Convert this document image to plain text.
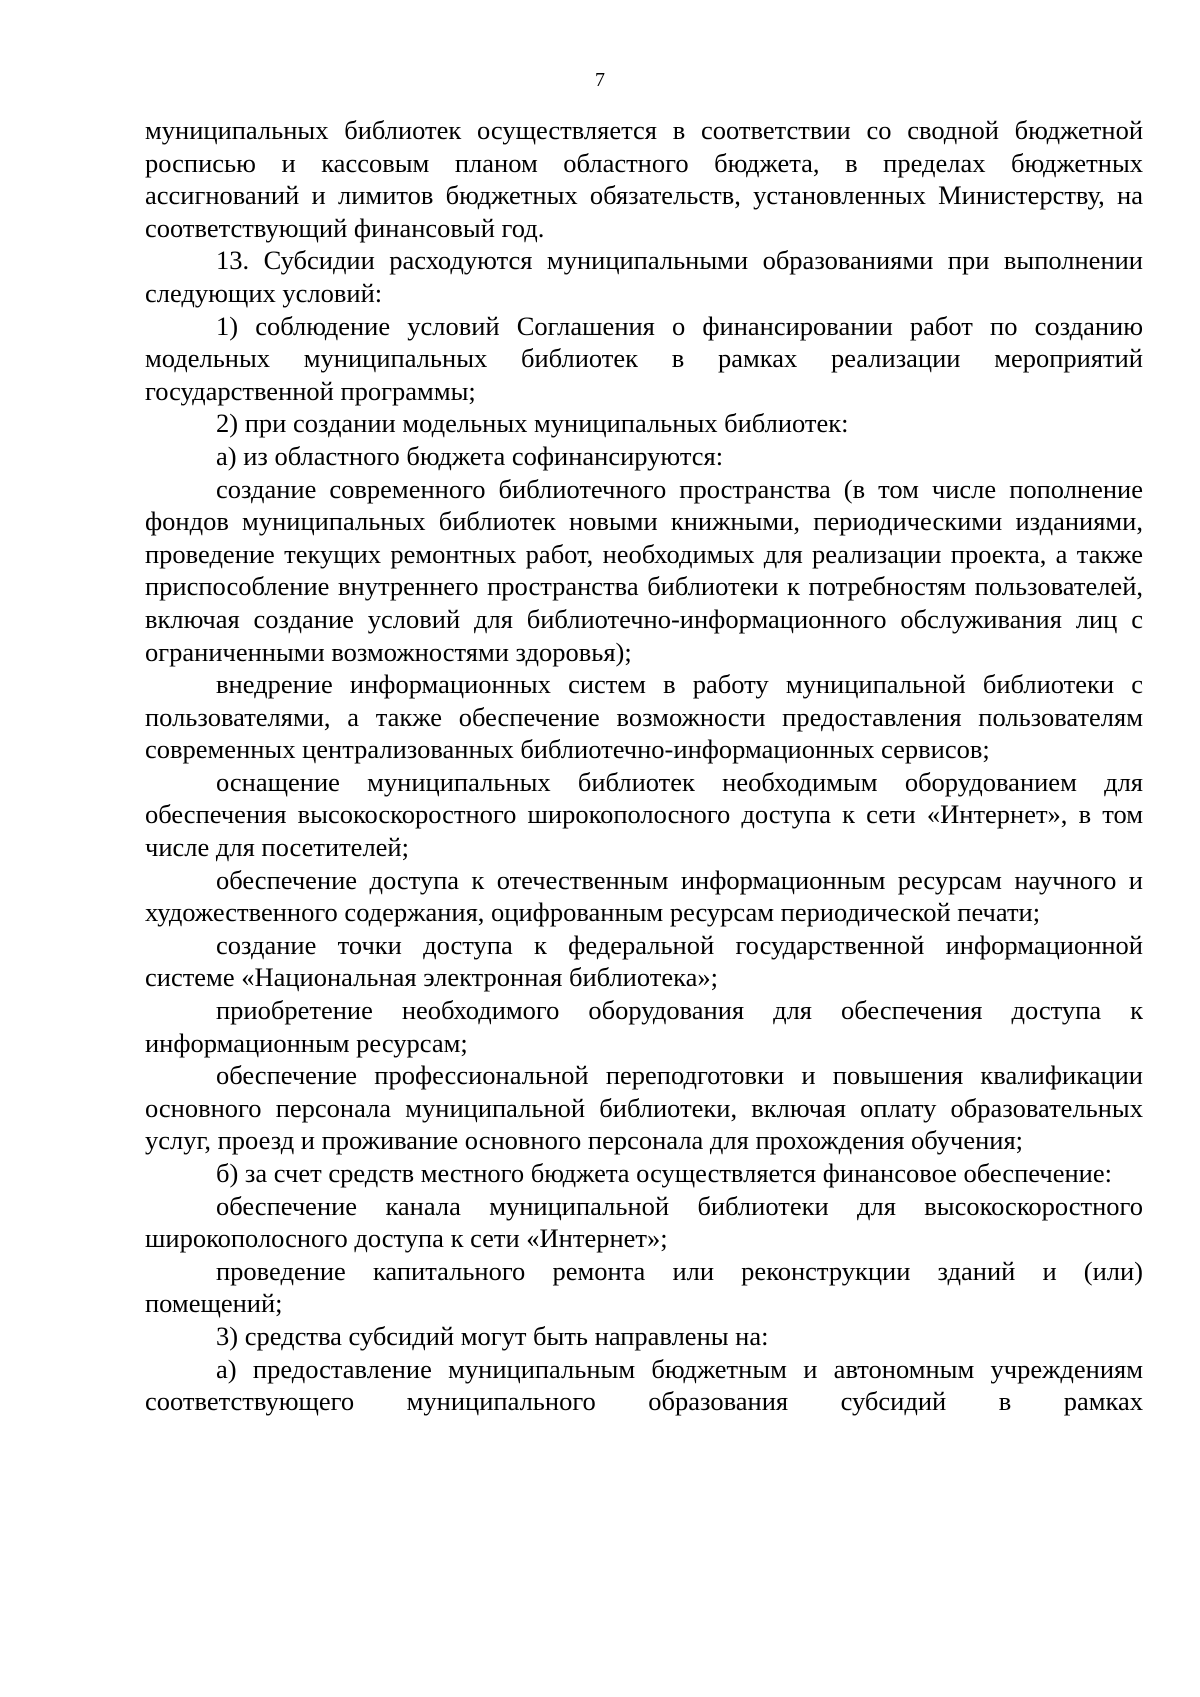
7

муниципальных библиотек осуществляется в соответствии со сводной бюджетной росписью и кассовым планом областного бюджета, в пределах бюджетных ассигнований и лимитов бюджетных обязательств, установленных Министерству, на соответствующий финансовый год.

13. Субсидии расходуются муниципальными образованиями при выполнении следующих условий:

1) соблюдение условий Соглашения о финансировании работ по созданию модельных муниципальных библиотек в рамках реализации мероприятий государственной программы;

2) при создании модельных муниципальных библиотек:

а) из областного бюджета софинансируются:

создание современного библиотечного пространства (в том числе пополнение фондов муниципальных библиотек новыми книжными, периодическими изданиями, проведение текущих ремонтных работ, необходимых для реализации проекта, а также приспособление внутреннего пространства библиотеки к потребностям пользователей, включая создание условий для библиотечно-информационного обслуживания лиц с ограниченными возможностями здоровья);

внедрение информационных систем в работу муниципальной библиотеки с пользователями, а также обеспечение возможности предоставления пользователям современных централизованных библиотечно-информационных сервисов;

оснащение муниципальных библиотек необходимым оборудованием для обеспечения высокоскоростного широкополосного доступа к сети «Интернет», в том числе для посетителей;

обеспечение доступа к отечественным информационным ресурсам научного и художественного содержания, оцифрованным ресурсам периодической печати;

создание точки доступа к федеральной государственной информационной системе «Национальная электронная библиотека»;

приобретение необходимого оборудования для обеспечения доступа к информационным ресурсам;

обеспечение профессиональной переподготовки и повышения квалификации основного персонала муниципальной библиотеки, включая оплату образовательных услуг, проезд и проживание основного персонала для прохождения обучения;

б) за счет средств местного бюджета осуществляется финансовое обеспечение:

обеспечение канала муниципальной библиотеки для высокоскоростного широкополосного доступа к сети «Интернет»;

проведение капитального ремонта или реконструкции зданий и (или) помещений;

3) средства субсидий могут быть направлены на:

а) предоставление муниципальным бюджетным и автономным учреждениям соответствующего муниципального образования субсидий в рамках
